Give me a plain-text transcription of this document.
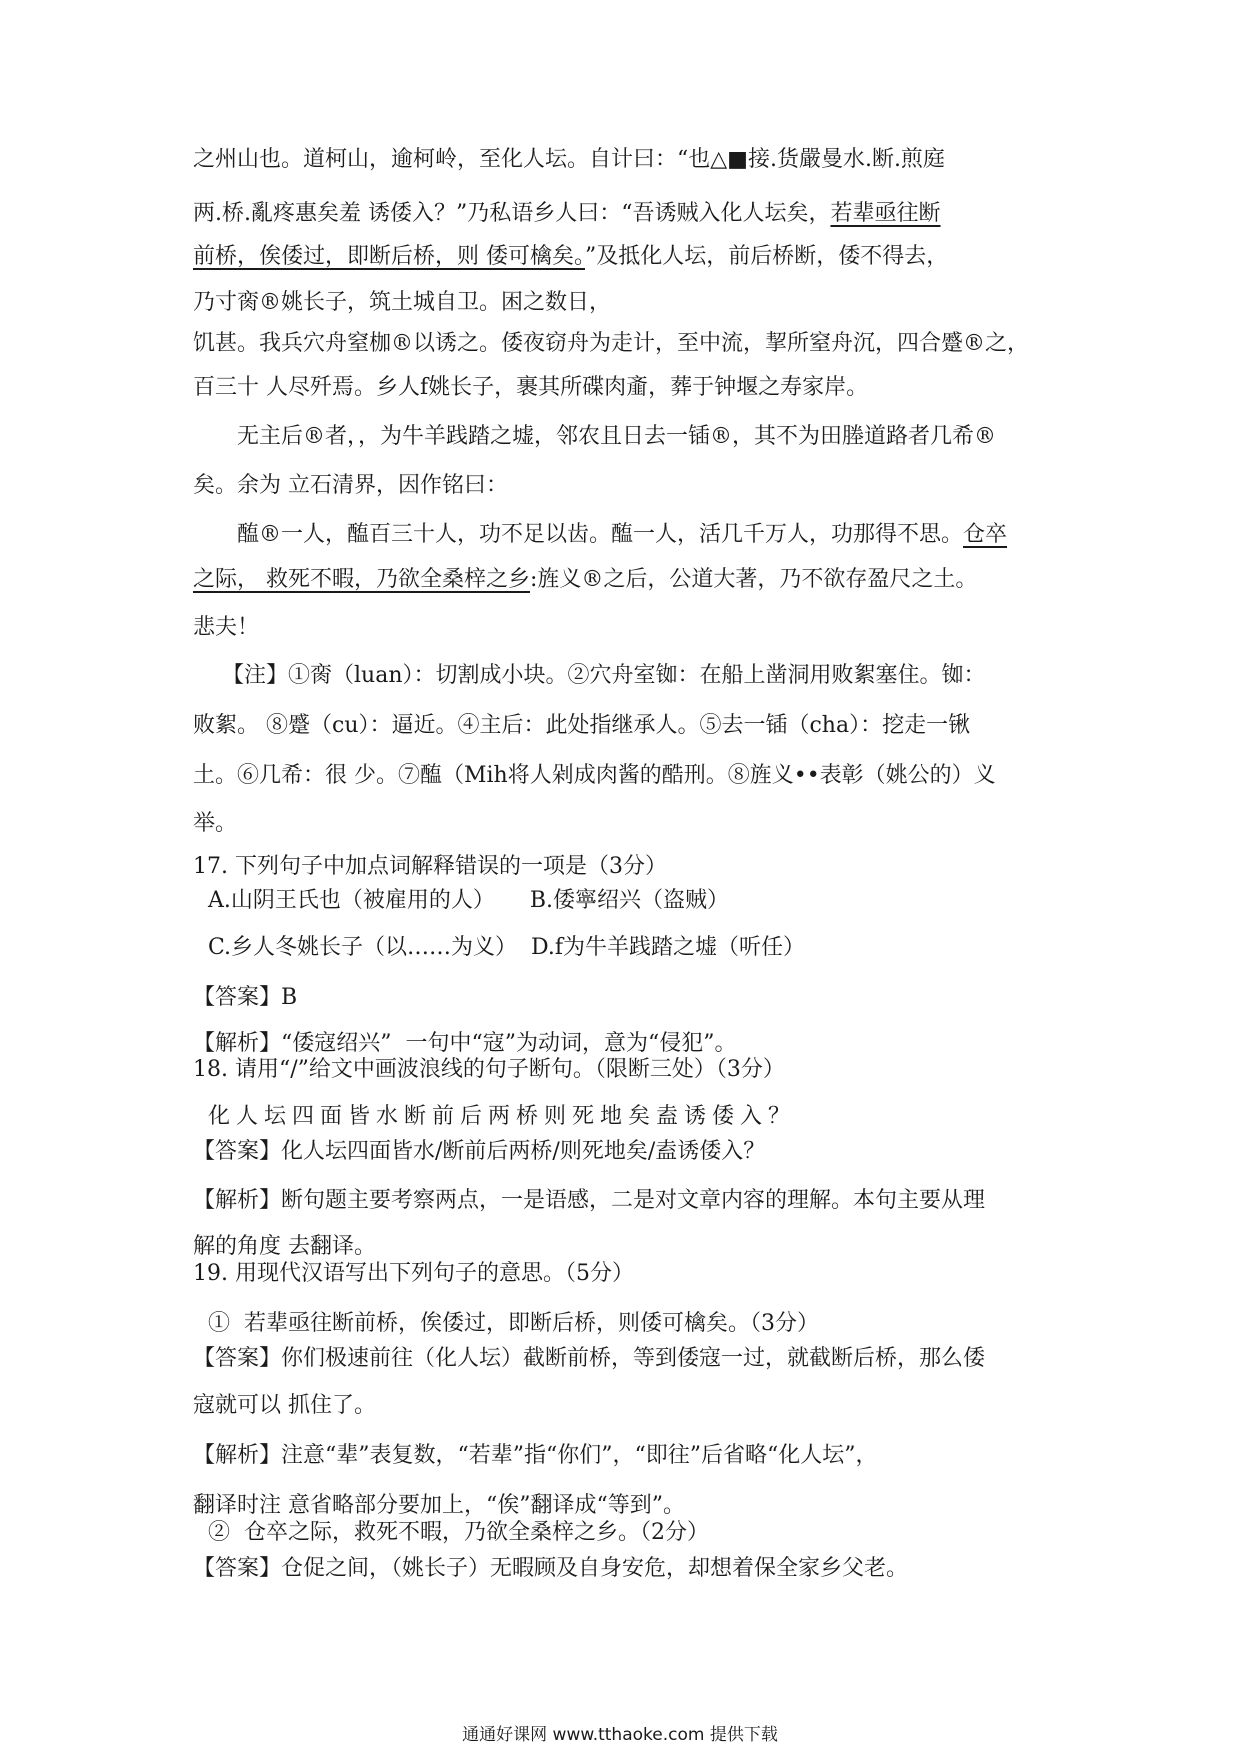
之州山也。道柯山，逾柯岭，至化人坛。自计曰：“也△■接.货嚴曼水.断.煎庭
两.桥.亂疼惠矣羞 诱倭入？”乃私语乡人曰：“吾诱贼入化人坛矣，若辈亟往断
前桥，俟倭过，即断后桥，则 倭可檎矣。”及抵化人坛，前后桥断，倭不得去，
乃寸脔®姚长子，筑土城自卫。困之数日，
饥甚。我兵穴舟窒枷®以诱之。倭夜窃舟为走计，至中流，挈所窒舟沉，四合蹙®之，
百三十 人尽歼焉。乡人f姚长子，裹其所碟肉齑，葬于钟堰之寿家岸。
无主后®者，，为牛羊践踏之墟，邻农且日去一锸®，其不为田塍道路者几希®
矣。余为 立石清界，因作铭曰：
醢®一人，醢百三十人，功不足以齿。醢一人，活几千万人，功那得不思。仓卒
之际， 救死不暇，乃欲全桑梓之乡:旌义®之后，公道大著，乃不欲存盈尺之土。
悲夫！
【注】①脔（luan）：切割成小块。②穴舟室铷：在船上凿洞用败絮塞住。铷：
败絮。 ⑧蹙（cu）：逼近。④主后：此处指继承人。⑤去一锸（cha）：挖走一锹
土。⑥几希：很 少。⑦醢（Mih将人剁成肉酱的酷刑。⑧旌义••表彰（姚公的）义
举。
17. 下列句子中加点词解释错误的一项是（3分）
A.山阴王氏也（被雇用的人）     B.倭寧绍兴（盗贼）
C.乡人冬姚长子（以……为义）  D.f为牛羊践踏之墟（听任）
【答案】B
【解析】“倭寇绍兴”  一句中“寇”为动词，意为“侵犯”。
18. 请用“/”给文中画波浪线的句子断句。（限断三处）（3分）
化人坛四面皆水断前后两桥则死地矣盍诱倭入？
【答案】化人坛四面皆水/断前后两桥/则死地矣/盍诱倭入？
【解析】断句题主要考察两点，一是语感，二是对文章内容的理解。本句主要从理
解的角度 去翻译。
19. 用现代汉语写出下列句子的意思。（5分）
①  若辈亟往断前桥，俟倭过，即断后桥，则倭可檎矣。（3分）
【答案】你们极速前往（化人坛）截断前桥，等到倭寇一过，就截断后桥，那么倭
寇就可以 抓住了。
【解析】注意“辈”表复数，“若辈”指“你们”，“即往”后省略“化人坛”，
翻译时注 意省略部分要加上，“俟”翻译成“等到”。
②  仓卒之际，救死不暇，乃欲全桑梓之乡。（2分）
【答案】仓促之间，（姚长子）无暇顾及自身安危，却想着保全家乡父老。
通通好课网 www.tthaoke.com 提供下载
